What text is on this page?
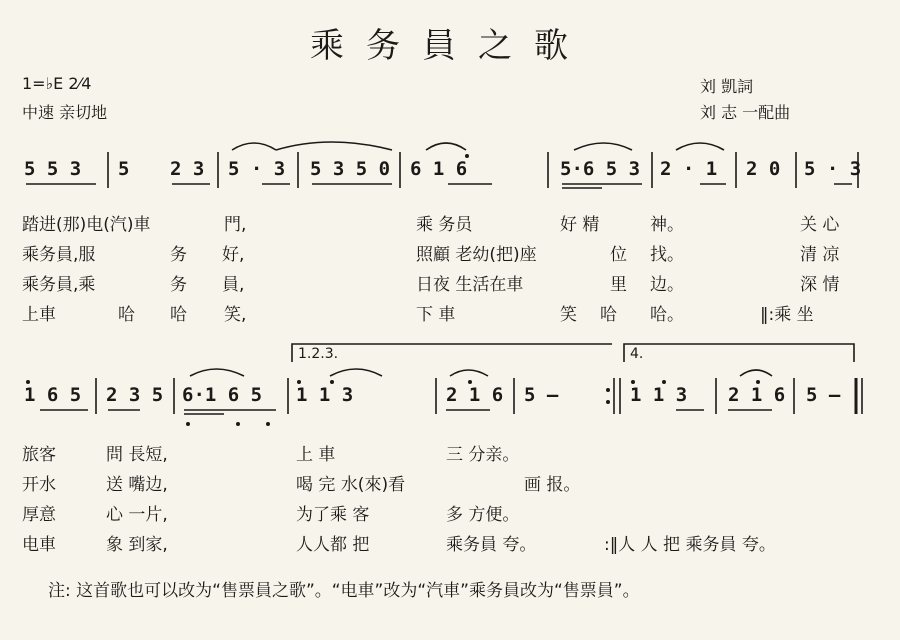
乘务員之歌
1=♭E 2⁄4
中速 亲切地
刘 凱詞
刘 志 一配曲
5 5 3 5 2 3 5 · 3 5 3 5 0 6 1 6	5·6 5 3 2 · 1 2 0 5 · 3
踏进(那)电(汽)車	門,	乘 务员	好 精	神。	关 心
乘务員,服	务 好,	照顧 老幼(把)座	位 找。	清 凉
乘务員,乘	务 員,	日夜 生活在車	里 边。	深 情
上車	哈 哈 笑,	下 車	笑 哈 哈。	‖:乘 坐
1.2.3.	4.
1 6 5 2 3 5 6·1 6 5 1 1 3	2 1 6 5 —	1 1 3 2 1 6 5 —
旅客	問 長短,	上 車	三 分亲。
开水	送 嘴边,	喝 完 水(來)看	画 报。
厚意	心 一片,	为了乘 客	多 方便。
电車	象 到家,	人人都 把	乘务員 夸。	:‖人 人 把 乘务員 夸。
注: 这首歌也可以改为“售票員之歌”。“电車”改为“汽車”乘务員改为“售票員”。
